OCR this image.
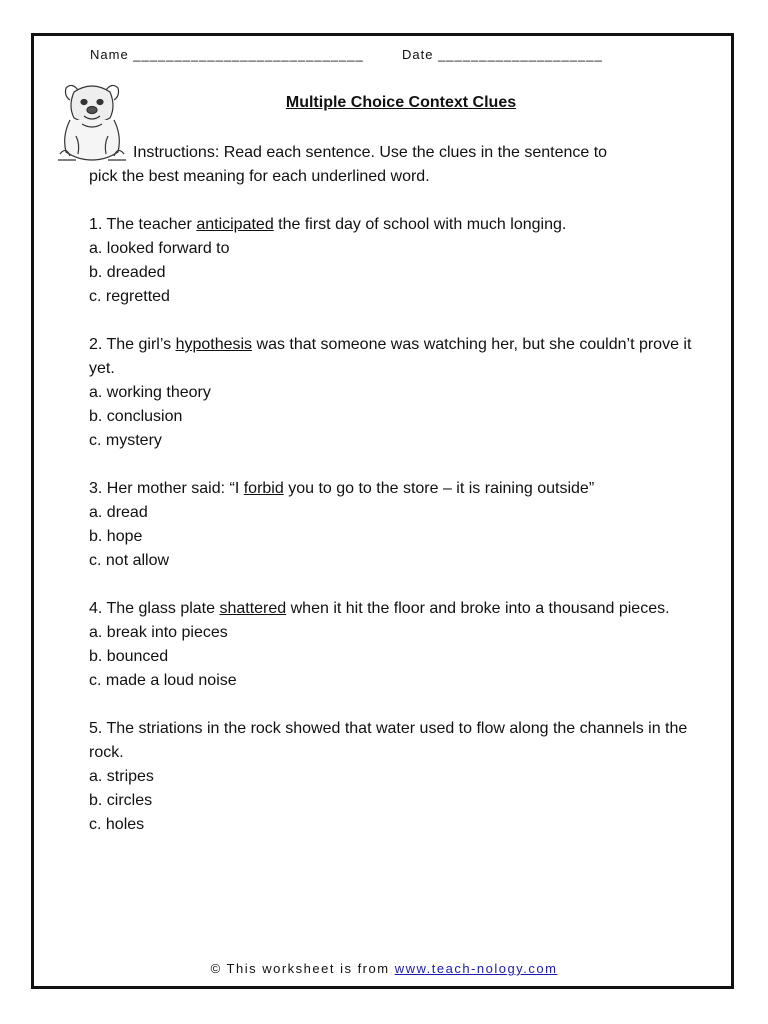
Name ____________________________	Date ____________________
Multiple Choice Context Clues
Instructions: Read each sentence. Use the clues in the sentence to
pick the best meaning for each underlined word.
1. The teacher anticipated the first day of school with much longing.
a. looked forward to
b. dreaded
c. regretted
2. The girl’s hypothesis was that someone was watching her, but she couldn’t prove it yet.
a. working theory
b. conclusion
c. mystery
3. Her mother said: “I forbid you to go to the store – it is raining outside”
a. dread
b. hope
c. not allow
4. The glass plate shattered when it hit the floor and broke into a thousand pieces.
a. break into pieces
b. bounced
c. made a loud noise
5. The striations in the rock showed that water used to flow along the channels in the rock.
a. stripes
b. circles
c. holes
© This worksheet is from www.teach-nology.com
